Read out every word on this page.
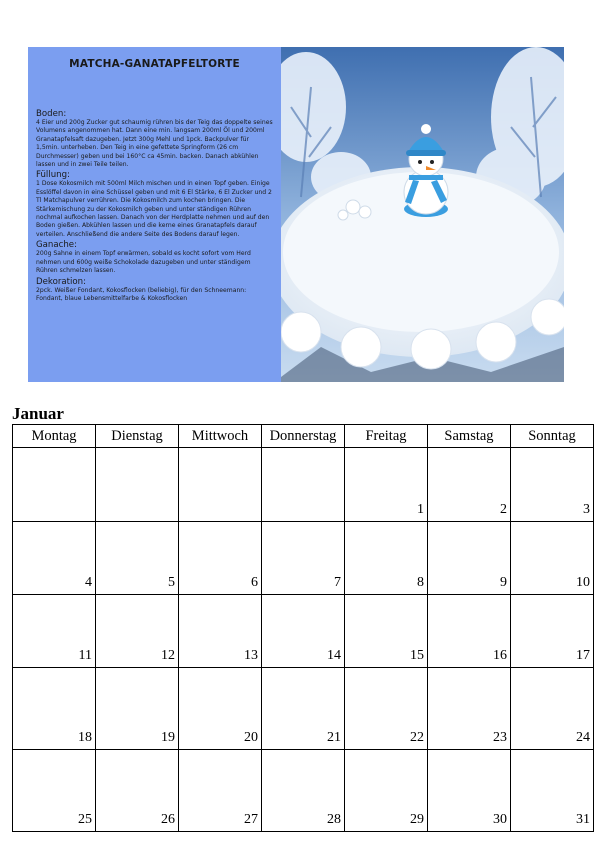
MATCHA-GANATAPFELTORTE

Boden:

4 Eier und 200g Zucker gut schaumig rühren bis der Teig das doppelte seines Volumens angenommen hat. Dann eine min. langsam 200ml Öl und 200ml Granatapfelsaft dazugeben. Jetzt 300g Mehl und 1pck. Backpulver für 1,5min. unterheben. Den Teig in eine gefettete Springform (26 cm Durchmesser) geben und bei 160°C ca 45min. backen. Danach abkühlen lassen und in zwei Teile teilen.

Füllung:

1 Dose Kokosmilch mit 500ml Milch mischen und in einen Topf geben. Einige Esslöffel davon in eine Schüssel geben und mit 6 El Stärke, 6 El Zucker und 2 Tl Matchapulver verrühren. Die Kokosmilch zum kochen bringen. Die Stärkemischung zu der Kokosmilch geben und unter ständigen Rühren nochmal aufkochen lassen. Danach von der Herdplatte nehmen und auf den Boden gießen. Abkühlen lassen und die kerne eines Granatapfels darauf verteilen. Anschließend die andere Seite des Bodens darauf legen.

Ganache:

200g Sahne in einem Topf erwärmen, sobald es kocht sofort vom Herd nehmen und 600g weiße Schokolade dazugeben und unter ständigem Rühren schmelzen lassen.

Dekoration:

2pck. Weißer Fondant, Kokosflocken (beliebig), für den Schneemann: Fondant, blaue Lebensmittelfarbe & Kokosflocken

Januar
Montag	Dienstag	Mittwoch	Donnerstag	Freitag	Samstag	Sonntag
				1	2	3
4	5	6	7	8	9	10
11	12	13	14	15	16	17
18	19	20	21	22	23	24
25	26	27	28	29	30	31
